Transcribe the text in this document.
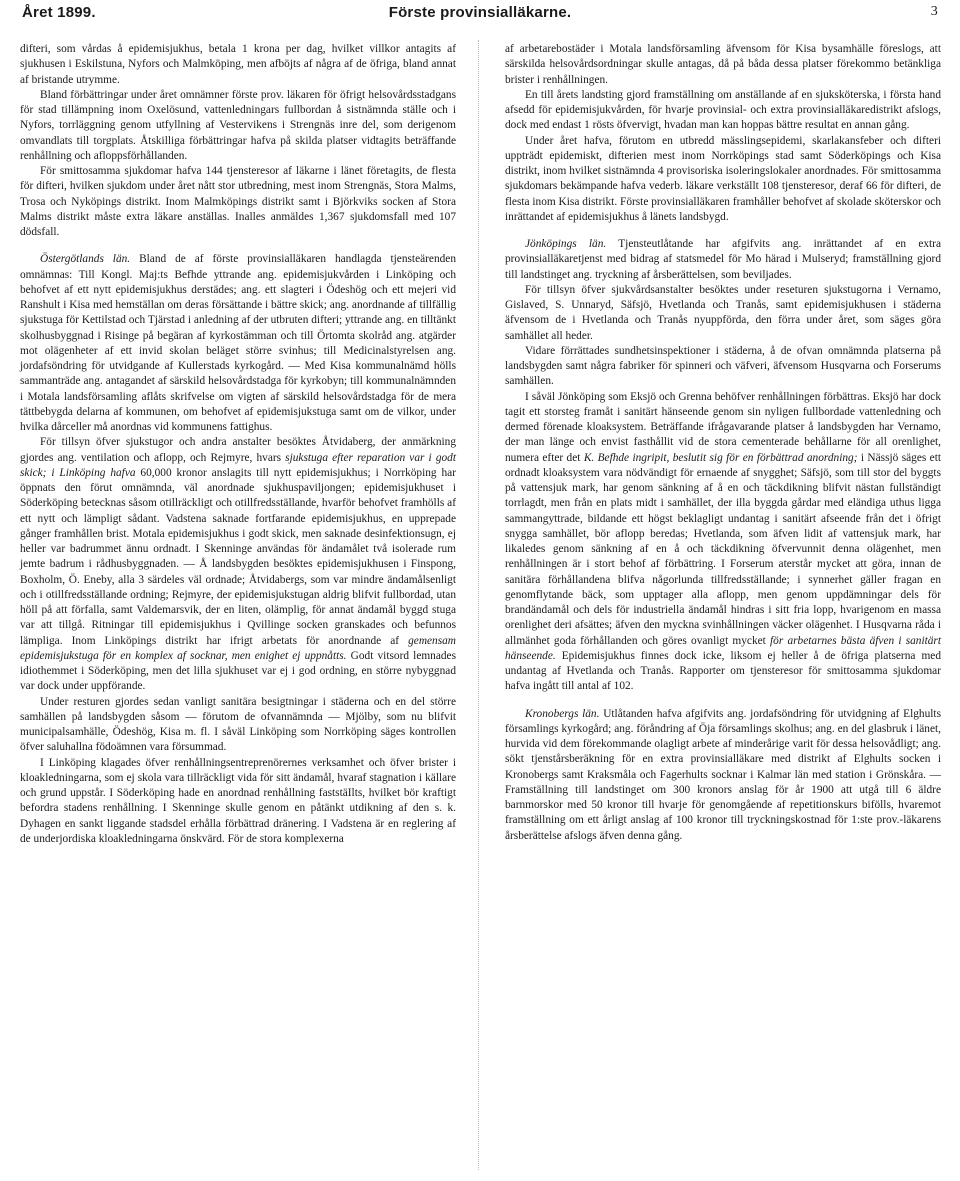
Året 1899.	Förste provinsialläkarne.	3

difteri, som vårdas å epidemisjukhus, betala 1 krona per dag, hvilket villkor antagits af sjukhusen i Eskilstuna, Nyfors och Malmköping, men afböjts af några af de öfriga, bland annat af bristande utrymme.

Bland förbättringar under året omnämner förste prov. läkaren för öfrigt helsovårdsstadgans för stad tillämpning inom Oxelösund, vattenledningars fullbordan å sistnämnda ställe och i Nyfors, torrläggning genom utfyllning af Vestervikens i Strengnäs inre del, som derigenom omvandlats till torgplats. Åtskilliga förbättringar hafva på skilda platser vidtagits beträffande renhållning och afloppsförhållanden.

För smittosamma sjukdomar hafva 144 tjensteresor af läkarne i länet företagits, de flesta för difteri, hvilken sjukdom under året nått stor utbredning, mest inom Strengnäs, Stora Malms, Trosa och Nyköpings distrikt. Inom Malmköpings distrikt samt i Björkviks socken af Stora Malms distrikt måste extra läkare anställas. Inalles anmäldes 1,367 sjukdomsfall med 107 dödsfall.

Östergötlands län. Bland de af förste provinsialläkaren handlagda tjensteärenden omnämnas: Till Kongl. Maj:ts Befhde yttrande ang. epidemisjukvården i Linköping och behofvet af ett nytt epidemisjukhus derstädes; ang. ett slagteri i Ödeshög och ett mejeri vid Ranshult i Kisa med hemställan om deras försättande i bättre skick; ang. anordnande af tillfällig sjukstuga för Kettilstad och Tjärstad i anledning af der utbruten difteri; yttrande ang. en tilltänkt skolhusbyggnad i Risinge på begäran af kyrkostämman och till Örtomta skolråd ang. atgärder mot olägenheter af ett invid skolan beläget större svinhus; till Medicinalstyrelsen ang. jordafsöndring för utvidgande af Kullerstads kyrkogård. — Med Kisa kommunalnämd hölls sammanträde ang. antagandet af särskild helsovårdstadga för kyrkobyn; till kommunalnämnden i Motala landsförsamling aflåts skrifvelse om vigten af särskild helsovårdstadga för de mera tättbebygda delarna af kommunen, om behofvet af epidemisjukstuga samt om de vilkor, under hvilka dårceller må anordnas vid kommunens fattighus.

För tillsyn öfver sjukstugor och andra anstalter besöktes Åtvidaberg, der anmärkning gjordes ang. ventilation och aflopp, och Rejmyre, hvars sjukstuga efter reparation var i godt skick; i Linköping hafva 60,000 kronor anslagits till nytt epidemisjukhus; i Norrköping har öppnats den förut omnämnda, väl anordnade sjukhuspaviljongen; epidemisjukhuset i Söderköping betecknas såsom otillräckligt och otillfredsställande, hvarför behofvet framhölls af ett nytt och lämpligt sådant. Vadstena saknade fortfarande epidemisjukhus, en upprepade gånger framhållen brist. Motala epidemisjukhus i godt skick, men saknade desinfektionsugn, ej heller var badrummet ännu ordnadt. I Skenninge användas för ändamålet två isolerade rum jemte badrum i rådhusbyggnaden. — Å landsbygden besöktes epidemisjukhusen i Finspong, Boxholm, Ö. Eneby, alla 3 särdeles väl ordnade; Åtvidabergs, som var mindre ändamålsenligt och i otillfredsställande ordning; Rejmyre, der epidemisjukstugan aldrig blifvit fullbordad, utan höll på att förfalla, samt Valdemarsvik, der en liten, olämplig, för annat ändamål byggd stuga var att tillgå. Ritningar till epidemisjukhus i Qvillinge socken granskades och befunnos lämpliga. Inom Linköpings distrikt har ifrigt arbetats för anordnande af gemensam epidemisjukstuga för en komplex af socknar, men enighet ej uppnåtts. Godt vitsord lemnades idiothemmet i Söderköping, men det lilla sjukhuset var ej i god ordning, en större nybyggnad var dock under uppförande.

Under resturen gjordes sedan vanligt sanitära besigtningar i städerna och en del större samhällen på landsbygden såsom — förutom de ofvannämnda — Mjölby, som nu blifvit municipalsamhälle, Ödeshög, Kisa m. fl. I såväl Linköping som Norrköping säges kontrollen öfver saluhallna födoämnen vara försummad.

I Linköping klagades öfver renhållningsentreprenörernes verksamhet och öfver brister i kloakledningarna, som ej skola vara tillräckligt vida för sitt ändamål, hvaraf stagnation i källare och grund uppstår. I Söderköping hade en anordnad renhållning faststäIlts, hvilket bör kraftigt befordra stadens renhållning. I Skenninge skulle genom en påtänkt utdikning af den s. k. Dyhagen en sankt liggande stadsdel erhålla förbättrad dränering. I Vadstena är en reglering af de underjordiska kloakledningarna önskvärd. För de stora komplexerna

af arbetarebostäder i Motala landsförsamling äfvensom för Kisa bysamhälle föreslogs, att särskilda helsovårdsordningar skulle antagas, då på båda dessa platser förekommo betänkliga brister i renhållningen.

En till årets landsting gjord framställning om anställande af en sjuksköterska, i första hand afsedd för epidemisjukvården, för hvarje provinsial- och extra provinsialläkaredistrikt afslogs, dock med endast 1 rösts öfvervigt, hvadan man kan hoppas bättre resultat en annan gång.

Under året hafva, förutom en utbredd mässlingsepidemi, skarlakansfeber och difteri uppträdt epidemiskt, difterien mest inom Norrköpings stad samt Söderköpings och Kisa distrikt, inom hvilket sistnämnda 4 provisoriska isoleringslokaler anordnades. För smittosamma sjukdomars bekämpande hafva vederb. läkare verkställt 108 tjensteresor, deraf 66 för difteri, de flesta inom Kisa distrikt. Förste provinsialläkaren framhåller behofvet af skolade sköterskor och inrättandet af epidemisjukhus å länets landsbygd.

Jönköpings län. Tjensteutlåtande har afgifvits ang. inrättandet af en extra provinsialläkaretjenst med bidrag af statsmedel för Mo härad i Mulseryd; framställning gjord till landstinget ang. tryckning af årsberättelsen, som beviljades.

För tillsyn öfver sjukvårdsanstalter besöktes under reseturen sjukstugorna i Vernamo, Gislaved, S. Unnaryd, Säfsjö, Hvetlanda och Tranås, samt epidemisjukhusen i städerna äfvensom de i Hvetlanda och Tranås nyuppförda, den förra under året, som säges göra samhället all heder.

Vidare förrättades sundhetsinspektioner i städerna, å de ofvan omnämnda platserna på landsbygden samt några fabriker för spinneri och väfveri, äfvensom Husqvarna och Forserums samhällen.

I såväl Jönköping som Eksjö och Grenna behöfver renhållningen förbättras. Eksjö har dock tagit ett storsteg framåt i sanitärt hänseende genom sin nyligen fullbordade vattenledning och dermed förenade kloaksystem. Beträffande ifrågavarande platser å landsbygden har Vernamo, der man länge och envist fasthållit vid de stora cementerade behållarne för all orenlighet, numera efter det K. Befhde ingripit, beslutit sig för en förbättrad anordning; i Nässjö säges ett ordnadt kloaksystem vara nödvändigt för ernaende af snygghet; Säfsjö, som till stor del byggts på vattensjuk mark, har genom sänkning af å en och täckdikning blifvit nästan fullständigt torrlagdt, men från en plats midt i samhället, der illa byggda gårdar med eländiga uthus ligga sammangyttrade, bildande ett högst beklagligt undantag i sanitärt afseende från det i öfrigt snygga samhället, bör aflopp beredas; Hvetlanda, som äfven lidit af vattensjuk mark, har likaledes genom sänkning af en å och täckdikning öfvervunnit denna olägenhet, men renhållningen är i stort behof af förbättring. I Forserum aterstår mycket att göra, innan de sanitära förhållandena blifva någorlunda tillfredsställande; i synnerhet gäller fragan en genomflytande bäck, som upptager alla aflopp, men genom uppdämningar dels för brandändamål och dels för industriella ändamål hindras i sitt fria lopp, hvarigenom en massa orenlighet deri afsättes; äfven den myckna svinhållningen väcker olägenhet. I Husqvarna råda i allmänhet goda förhållanden och göres ovanligt mycket för arbetarnes bästa äfven i sanitärt hänseende. Epidemisjukhus finnes dock icke, liksom ej heller å de öfriga platserna med undantag af Hvetlanda och Tranås. Rapporter om tjensteresor för smittosamma sjukdomar hafva ingått till antal af 102.

Kronobergs län. Utlåtanden hafva afgifvits ang. jordafsöndring för utvidgning af Elghults församlings kyrkogård; ang. föråndring af Öja församlings skolhus; ang. en del glasbruk i länet, hurvida vid dem förekommande olagligt arbete af minderårige varit för dessa helsovådligt; ang. sökt tjenstårsberäkning för en extra provinsialläkare med distrikt af Elghults socken i Kronobergs samt Kraksmåla och Fagerhults socknar i Kalmar län med station i Grönskåra. — Framställning till landstinget om 300 kronors anslag för år 1900 att utgå till 6 äldre barnmorskor med 50 kronor till hvarje för genomgående af repetitionskurs bifölls, hvaremot framställning om ett årligt anslag af 100 kronor till tryckningskostnad för 1:ste prov.-läkarens årsberättelse afslogs äfven denna gång.
